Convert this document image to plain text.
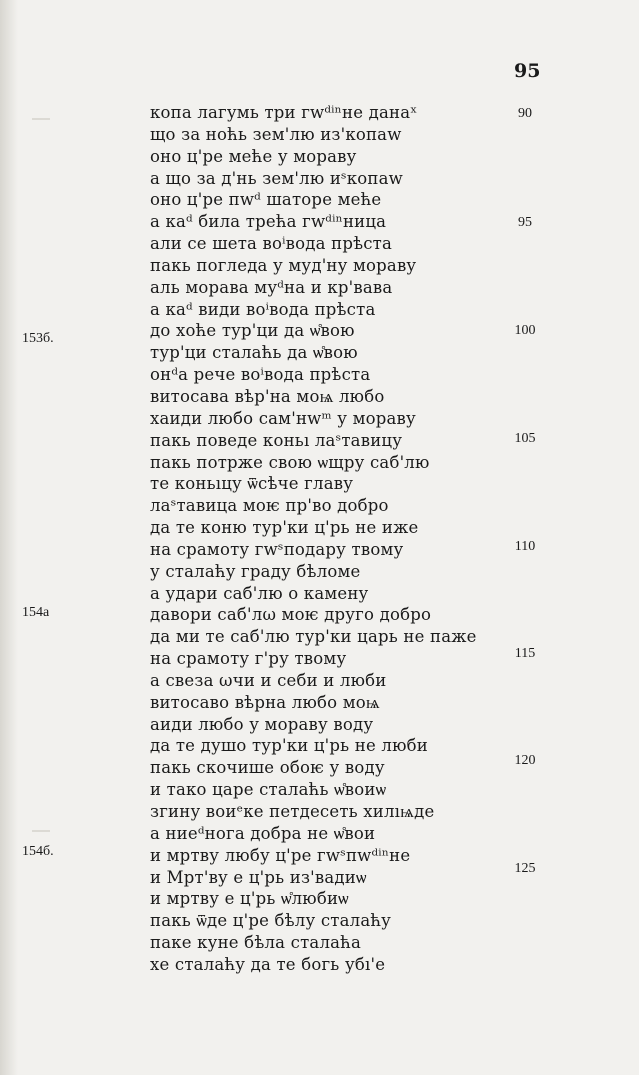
95
копа лагумь три гwᵈⁱⁿне данаˣ
що за ноћь зем'лю из'копаw
оно ц'ре меће у мораву
а що за д'нь зем'лю иˢкопаw
оно ц'ре пwᵈ шаторе меће
а каᵈ била трећа гwᵈⁱⁿница
али се шета воⁱвода прѣста
пакь погледа у муд'ну мораву
аль морава муᵈна и кр'вава
а каᵈ види воⁱвода прѣста
до хоће тур'ци да ѡ̊вою
тур'ци сталаћь да ѡ̊вою
онᵈа рече воⁱвода прѣста
витосава вѣр'на моѩ любо
хаиди любо сам'нwᵐ у мораву
пакь поведе коньı лаˢтавицу
пакь потрже свою ѡщру саб'лю
те коньıцу ѿсѣче главу
лаˢтавица моѥ пр'во добро
да те коню тур'ки ц'рь не иже
на срамоту гwˢподару твому
у сталаћу граду бѣломе
а удари саб'лю о камену
давори саб'лω моѥ друго добро
да ми те саб'лю тур'ки царь не паже
на срамоту г'ру твому
а свеза ωчи и себи и люби
витосаво вѣрна любо моѩ
аиди любо у мораву воду
да те душо тур'ки ц'рь не люби
пакь скочише обоѥ у воду
и тако царе сталаћь ѡ̊воиѡ
згину воиᵉке петдесеть хилıѩде
а ниеᵈнога добра не ѡ̊вои
и мртву любу ц'ре гwˢпwᵈⁱⁿне
и Мрт'ву е ц'рь из'вадиѡ
и мртву е ц'рь ѡ̊любиѡ
пакь ѿде ц'ре бѣлу сталаћу
паке куне бѣла сталаћа
хе сталаћу да те богь убı'е
90
95
100
105
110
115
120
125
153б.
154а
154б.
